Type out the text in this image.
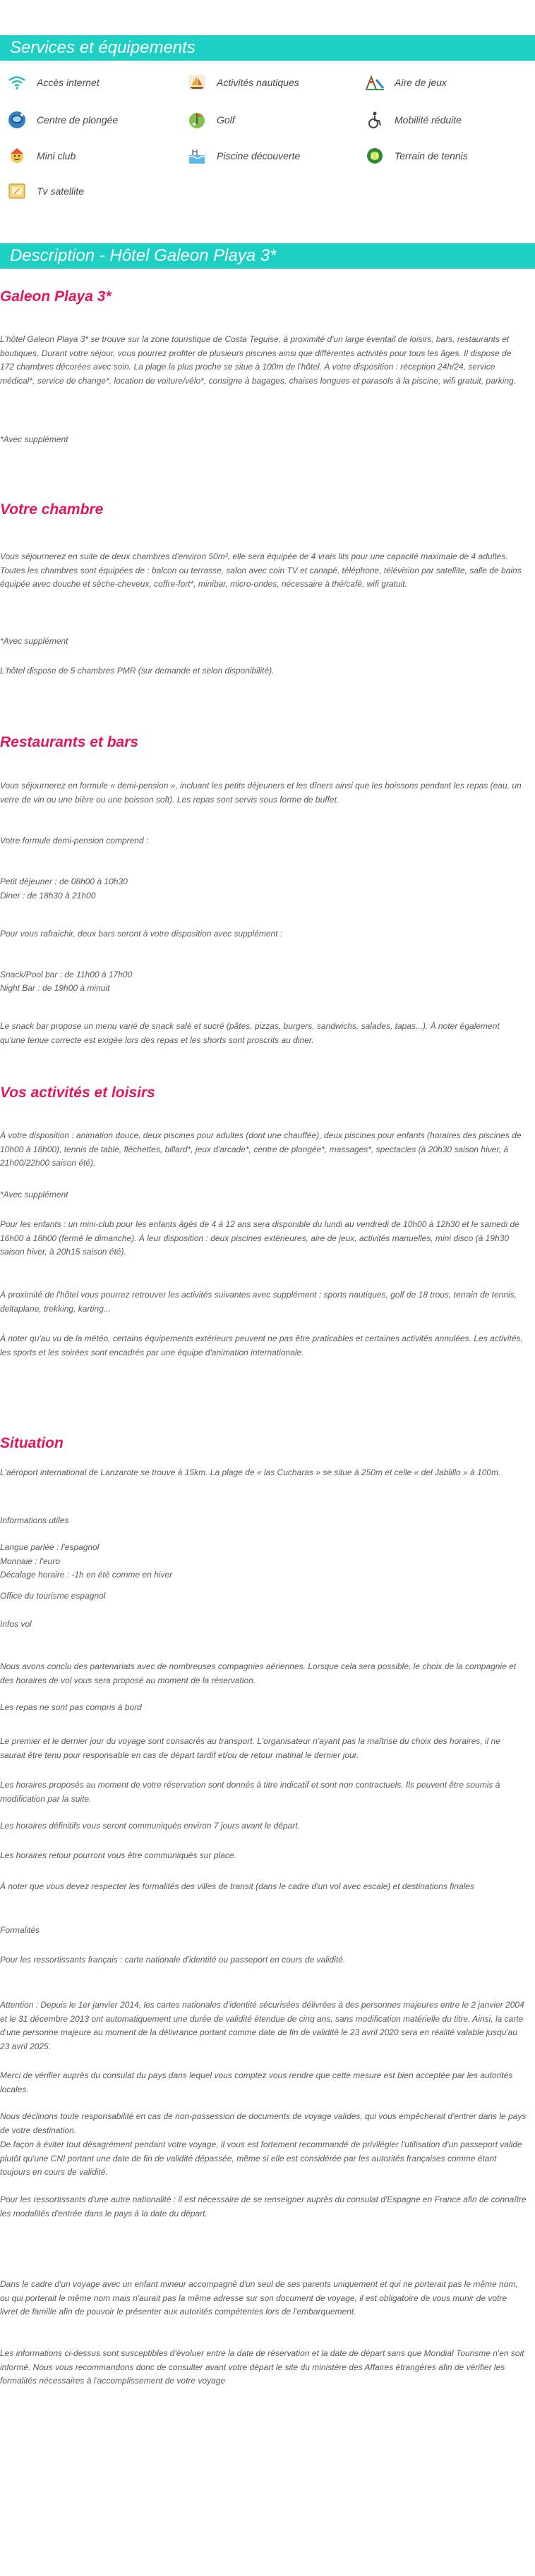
Services et équipements
Accès internet	Activités nautiques	Aire de jeux
Centre de plongée	Golf	Mobilité réduite
Mini club	Piscine découverte	Terrain de tennis
Tv satellite
Description - Hôtel Galeon Playa 3*
Galeon Playa 3*

L'hôtel Galeon Playa 3* se trouve sur la zone touristique de Costa Teguise, à proximité d'un large éventail de loisirs, bars, restaurants et boutiques. Durant votre séjour, vous pourrez profiter de plusieurs piscines ainsi que différentes activités pour tous les âges. Il dispose de 172 chambres décorées avec soin. La plage la plus proche se situe à 100m de l'hôtel. À votre disposition : réception 24h/24, service médical*, service de change*, location de voiture/vélo*, consigne à bagages, chaises longues et parasols à la piscine, wifi gratuit, parking.

*Avec supplément

Votre chambre

Vous séjournerez en suite de deux chambres d'environ 50m², elle sera équipée de 4 vrais lits pour une capacité maximale de 4 adultes. Toutes les chambres sont équipées de : balcon ou terrasse, salon avec coin TV et canapé, téléphone, télévision par satellite, salle de bains équipée avec douche et sèche-cheveux, coffre-fort*, minibar, micro-ondes, nécessaire à thé/café, wifi gratuit.

*Avec supplément

L'hôtel dispose de 5 chambres PMR (sur demande et selon disponibilité).

Restaurants et bars

Vous séjournerez en formule « demi-pension », incluant les petits déjeuners et les dîners ainsi que les boissons pendant les repas (eau, un verre de vin ou une bière ou une boisson soft). Les repas sont servis sous forme de buffet.

Votre formule demi-pension comprend :

Petit déjeuner : de 08h00 à 10h30

Diner : de 18h30 à 21h00

Pour vous rafraichir, deux bars seront à votre disposition avec supplément :

Snack/Pool bar : de 11h00 à 17h00

Night Bar : de 19h00 à minuit

Le snack bar propose un menu varié de snack salé et sucré (pâtes, pizzas, burgers, sandwichs, salades, tapas...). À noter également qu'une tenue correcte est exigée lors des repas et les shorts sont proscrits au diner.

Vos activités et loisirs

À votre disposition : animation douce, deux piscines pour adultes (dont une chauffée), deux piscines pour enfants (horaires des piscines de 10h00 à 18h00), tennis de table, fléchettes, billard*, jeux d'arcade*, centre de plongée*, massages*, spectacles (à 20h30 saison hiver, à 21h00/22h00 saison été).

*Avec supplément

Pour les enfants : un mini-club pour les enfants âgés de 4 à 12 ans sera disponible du lundi au vendredi de 10h00 à 12h30 et le samedi de 16h00 à 18h00 (fermé le dimanche). À leur disposition : deux piscines extérieures, aire de jeux, activités manuelles, mini disco (à 19h30 saison hiver, à 20h15 saison été).

À proximité de l'hôtel vous pourrez retrouver les activités suivantes avec supplément : sports nautiques, golf de 18 trous, terrain de tennis, deltaplane, trekking, karting...

À noter qu'au vu de la météo, certains équipements extérieurs peuvent ne pas être praticables et certaines activités annulées. Les activités, les sports et les soirées sont encadrés par une équipe d'animation internationale.

Situation

L'aéroport international de Lanzarote se trouve à 15km. La plage de « las Cucharas » se situe à 250m et celle « del Jablillo » à 100m.

Informations utiles

Langue parlée : l'espagnol

Monnaie : l'euro

Décalage horaire : -1h en été comme en hiver

Office du tourisme espagnol

Infos vol

Nous avons conclu des partenariats avec de nombreuses compagnies aériennes. Lorsque cela sera possible, le choix de la compagnie et des horaires de vol vous sera proposé au moment de la réservation.

Les repas ne sont pas compris à bord

Le premier et le dernier jour du voyage sont consacrés au transport. L'organisateur n'ayant pas la maîtrise du choix des horaires, il ne saurait être tenu pour responsable en cas de départ tardif et/ou de retour matinal le dernier jour.

Les horaires proposés au moment de votre réservation sont donnés à titre indicatif et sont non contractuels. Ils peuvent être soumis à modification par la suite.

Les horaires définitifs vous seront communiqués environ 7 jours avant le départ.

Les horaires retour pourront vous être communiqués sur place.

À noter que vous devez respecter les formalités des villes de transit (dans le cadre d'un vol avec escale) et destinations finales

Formalités

Pour les ressortissants français : carte nationale d'identité ou passeport en cours de validité.

Attention : Depuis le 1er janvier 2014, les cartes nationales d'identité sécurisées délivrées à des personnes majeures entre le 2 janvier 2004 et le 31 décembre 2013 ont automatiquement une durée de validité étendue de cinq ans, sans modification matérielle du titre. Ainsi, la carte d'une personne majeure au moment de la délivrance portant comme date de fin de validité le 23 avril 2020 sera en réalité valable jusqu'au 23 avril 2025.

Merci de vérifier auprès du consulat du pays dans lequel vous comptez vous rendre que cette mesure est bien acceptée par les autorités locales.

Nous déclinons toute responsabilité en cas de non-possession de documents de voyage valides, qui vous empêcherait d'entrer dans le pays de votre destination.

De façon à éviter tout désagrément pendant votre voyage, il vous est fortement recommandé de privilégier l'utilisation d'un passeport valide plutôt qu'une CNI portant une date de fin de validité dépassée, même si elle est considérée par les autorités françaises comme étant toujours en cours de validité.

Pour les ressortissants d'une autre nationalité : il est nécessaire de se renseigner auprès du consulat d'Espagne en France afin de connaître les modalités d'entrée dans le pays à la date du départ.

Dans le cadre d'un voyage avec un enfant mineur accompagné d'un seul de ses parents uniquement et qui ne porterait pas le même nom, ou qui porterait le même nom mais n'aurait pas la même adresse sur son document de voyage, il est obligatoire de vous munir de votre livret de famille afin de pouvoir le présenter aux autorités compétentes lors de l'embarquement.

Les informations ci-dessus sont susceptibles d'évoluer entre la date de réservation et la date de départ sans que Mondial Tourisme n'en soit informé. Nous vous recommandons donc de consulter avant votre départ le site du ministère des Affaires étrangères afin de vérifier les formalités nécessaires à l'accomplissement de votre voyage
